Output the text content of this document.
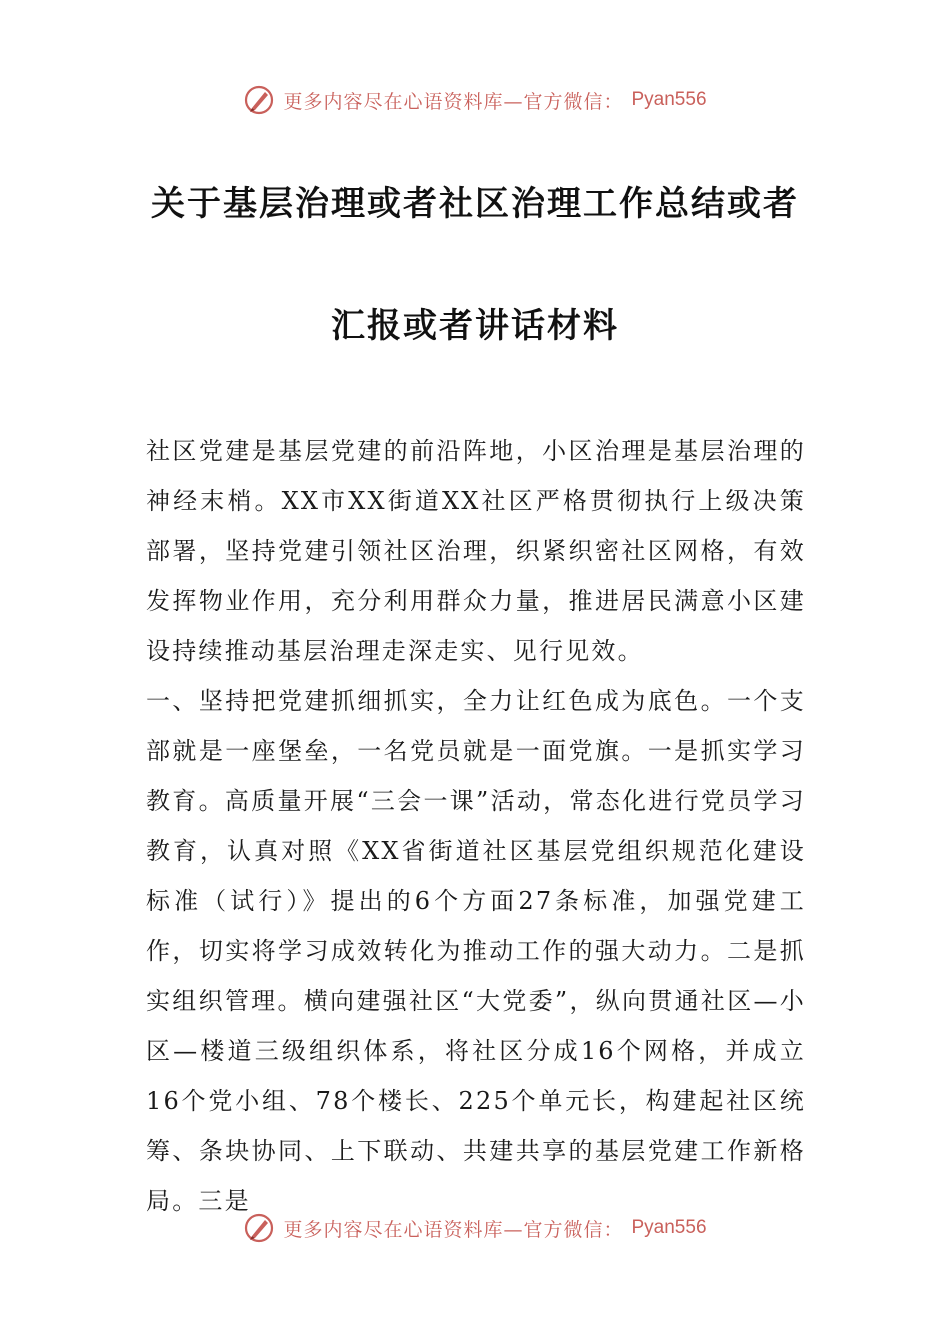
更多内容尽在心语资料库—官方微信： Pyan556
关于基层治理或者社区治理工作总结或者
汇报或者讲话材料

社区党建是基层党建的前沿阵地，小区治理是基层治理的神经末梢。XX市XX街道XX社区严格贯彻执行上级决策部署，坚持党建引领社区治理，织紧织密社区网格，有效发挥物业作用，充分利用群众力量，推进居民满意小区建设持续推动基层治理走深走实、见行见效。

一、坚持把党建抓细抓实，全力让红色成为底色。一个支部就是一座堡垒，一名党员就是一面党旗。一是抓实学习教育。高质量开展“三会一课”活动，常态化进行党员学习教育，认真对照《XX省街道社区基层党组织规范化建设标准（试行）》提出的6个方面27条标准，加强党建工作，切实将学习成效转化为推动工作的强大动力。二是抓实组织管理。横向建强社区“大党委”，纵向贯通社区—小区—楼道三级组织体系，将社区分成16个网格，并成立16个党小组、78个楼长、225个单元长，构建起社区统筹、条块协同、上下联动、共建共享的基层党建工作新格局。三是

更多内容尽在心语资料库—官方微信： Pyan556
